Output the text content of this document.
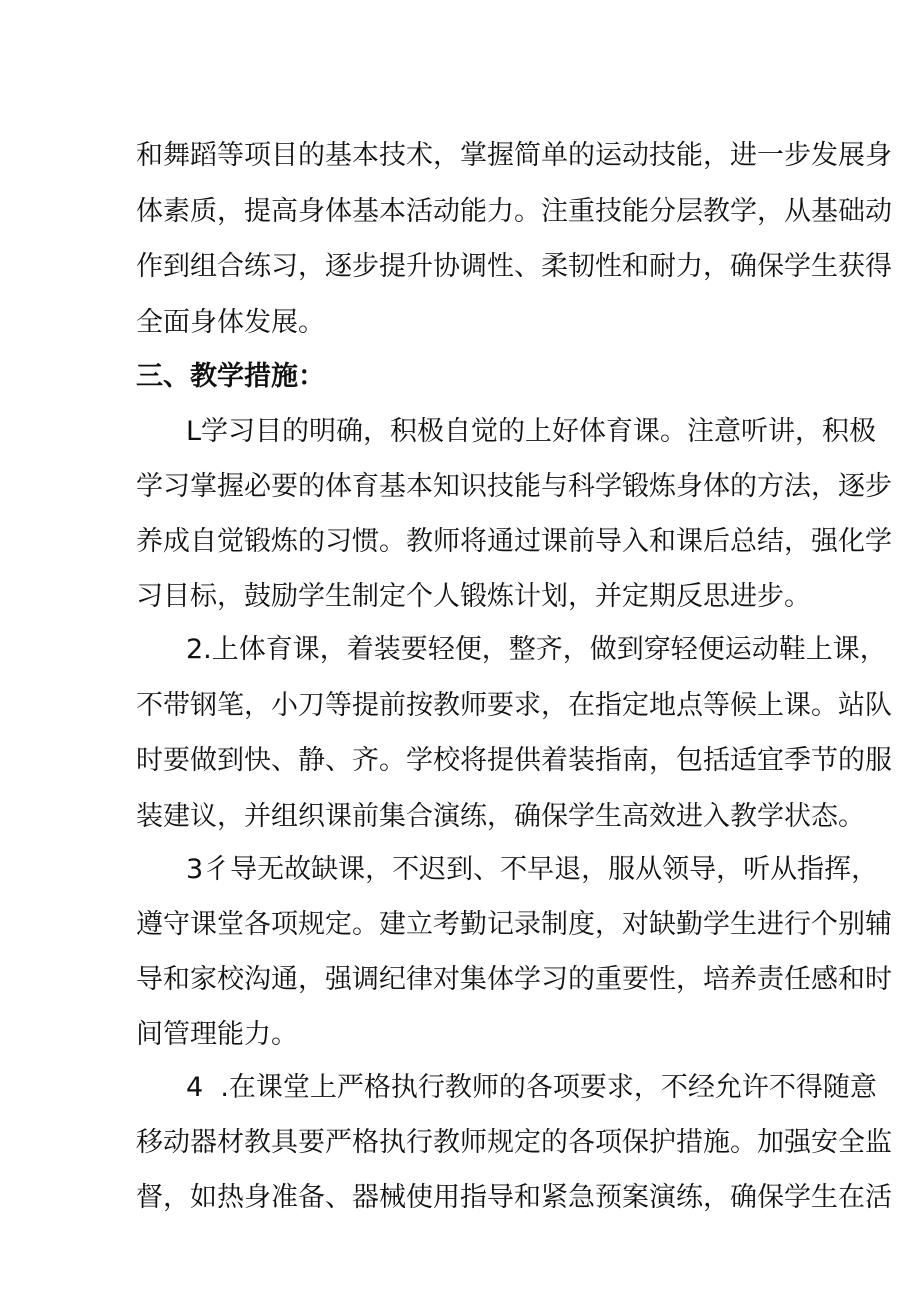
和舞蹈等项目的基本技术，掌握简单的运动技能，进一步发展身
体素质，提高身体基本活动能力。注重技能分层教学，从基础动
作到组合练习，逐步提升协调性、柔韧性和耐力，确保学生获得
全面身体发展。
三、教学措施：
L学习目的明确，积极自觉的上好体育课。注意听讲，积极
学习掌握必要的体育基本知识技能与科学锻炼身体的方法，逐步
养成自觉锻炼的习惯。教师将通过课前导入和课后总结，强化学
习目标，鼓励学生制定个人锻炼计划，并定期反思进步。
2.上体育课，着装要轻便，整齐，做到穿轻便运动鞋上课，
不带钢笔，小刀等提前按教师要求，在指定地点等候上课。站队
时要做到快、静、齐。学校将提供着装指南，包括适宜季节的服
装建议，并组织课前集合演练，确保学生高效进入教学状态。
3彳导无故缺课，不迟到、不早退，服从领导，听从指挥，
遵守课堂各项规定。建立考勤记录制度，对缺勤学生进行个别辅
导和家校沟通，强调纪律对集体学习的重要性，培养责任感和时
间管理能力。
4  .在课堂上严格执行教师的各项要求，不经允许不得随意
移动器材教具要严格执行教师规定的各项保护措施。加强安全监
督，如热身准备、器械使用指导和紧急预案演练，确保学生在活
